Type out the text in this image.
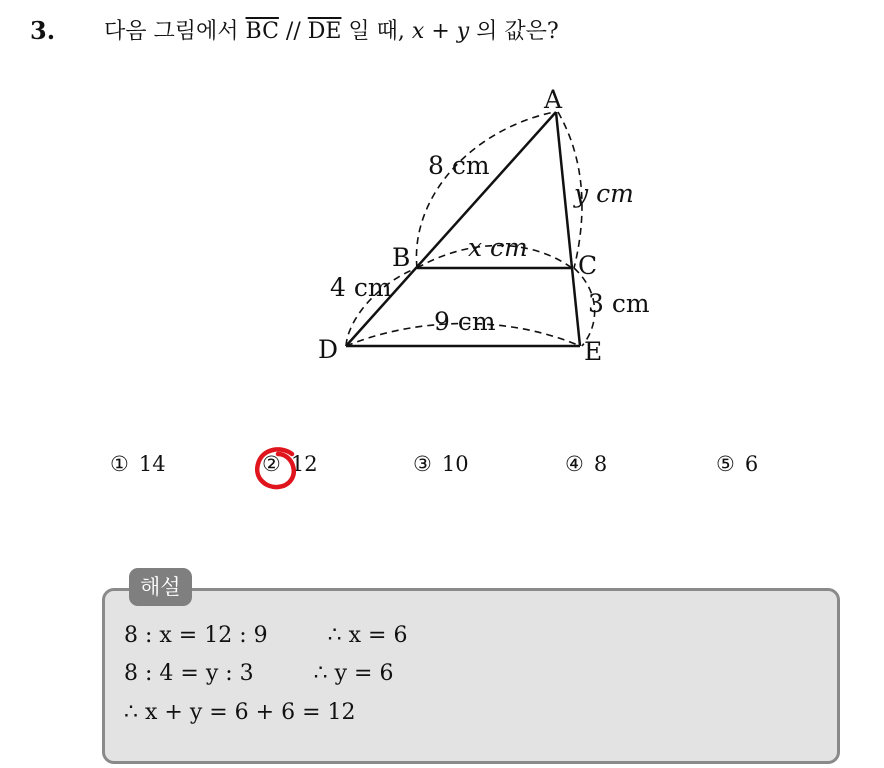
3. 다음 그림에서 $\overline{BC} // \overline{DE}$ 일 때, x + y 의 값은?
A
B	C
D	E
8 cm
y cm
x cm
4 cm
3 cm
9 cm
① 14	② 12	③ 10	④ 8	⑤ 6
해설
8 : x = 12 : 9	∴ x = 6
8 : 4 = y : 3	∴ y = 6
∴ x + y = 6 + 6 = 12
